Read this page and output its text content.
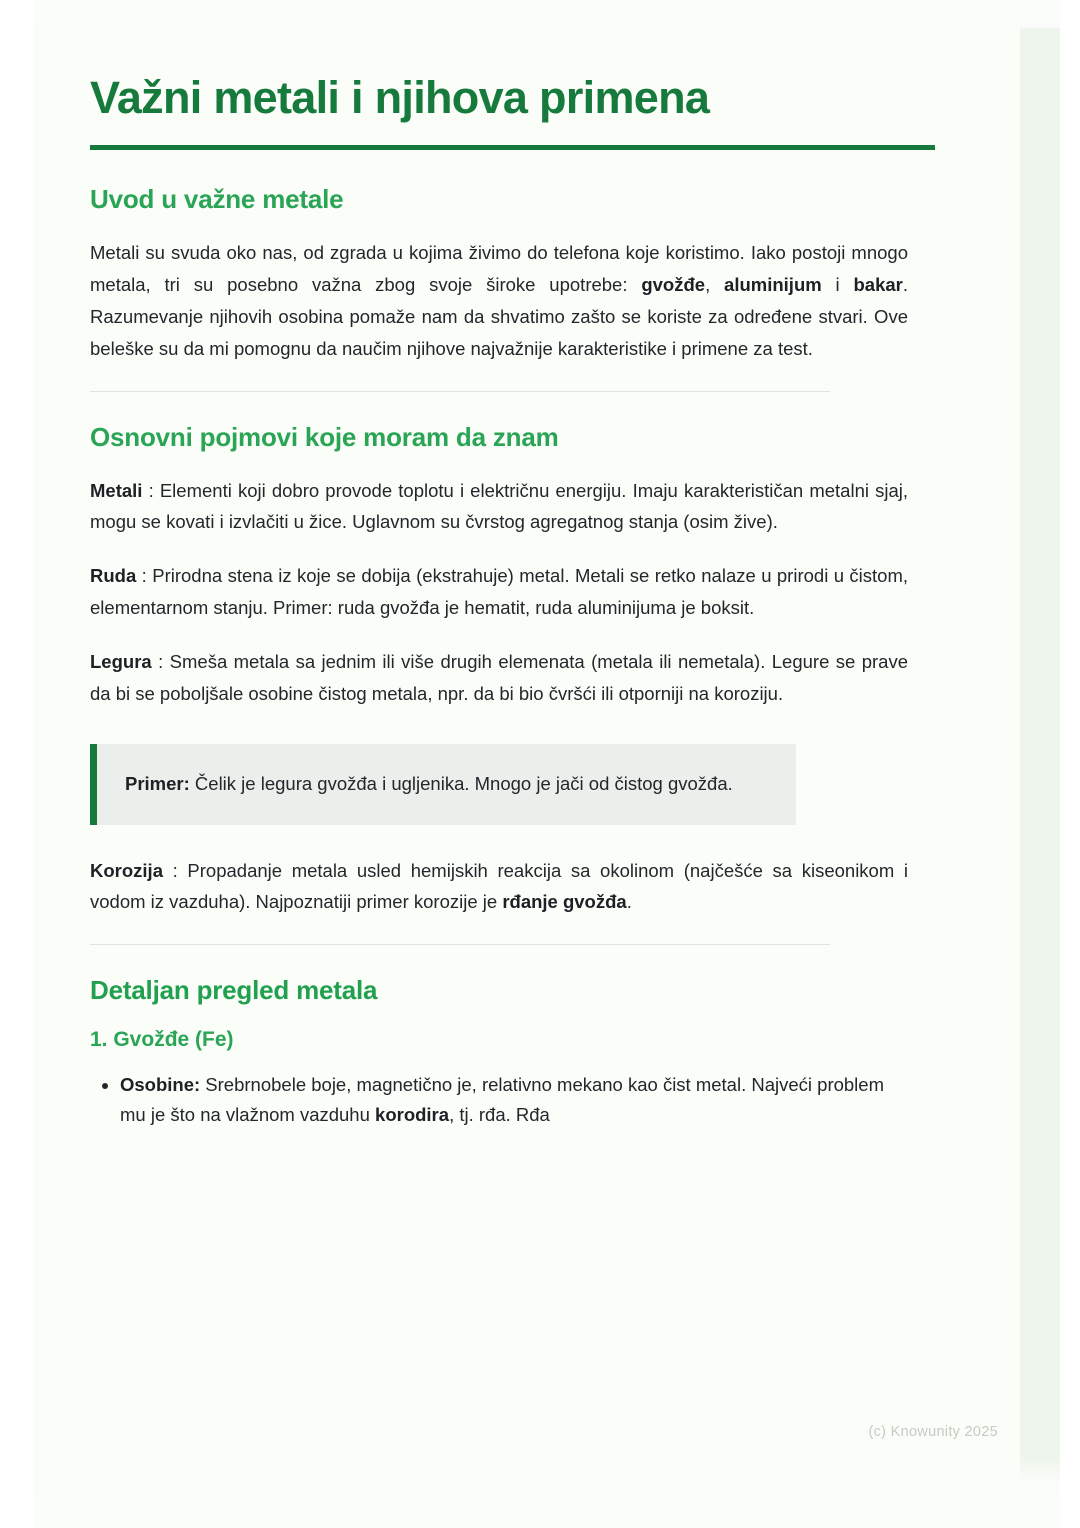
Važni metali i njihova primena
Uvod u važne metale

Metali su svuda oko nas, od zgrada u kojima živimo do telefona koje koristimo. Iako postoji mnogo metala, tri su posebno važna zbog svoje široke upotrebe: gvožđe, aluminijum i bakar. Razumevanje njihovih osobina pomaže nam da shvatimo zašto se koriste za određene stvari. Ove beleške su da mi pomognu da naučim njihove najvažnije karakteristike i primene za test.

Osnovni pojmovi koje moram da znam

Metali : Elementi koji dobro provode toplotu i električnu energiju. Imaju karakterističan metalni sjaj, mogu se kovati i izvlačiti u žice. Uglavnom su čvrstog agregatnog stanja (osim žive).

Ruda : Prirodna stena iz koje se dobija (ekstrahuje) metal. Metali se retko nalaze u prirodi u čistom, elementarnom stanju. Primer: ruda gvožđa je hematit, ruda aluminijuma je boksit.

Legura : Smeša metala sa jednim ili više drugih elemenata (metala ili nemetala). Legure se prave da bi se poboljšale osobine čistog metala, npr. da bi bio čvršći ili otporniji na koroziju.

Primer: Čelik je legura gvožđa i ugljenika. Mnogo je jači od čistog gvožđa.

Korozija : Propadanje metala usled hemijskih reakcija sa okolinom (najčešće sa kiseonikom i vodom iz vazduha). Najpoznatiji primer korozije je rđanje gvožđa.

Detaljan pregled metala
1. Gvožđe (Fe)
• Osobine: Srebrnobele boje, magnetično je, relativno mekano kao čist metal. Najveći problem mu je što na vlažnom vazduhu korodira, tj. rđa. Rđa
(c) Knowunity 2025
